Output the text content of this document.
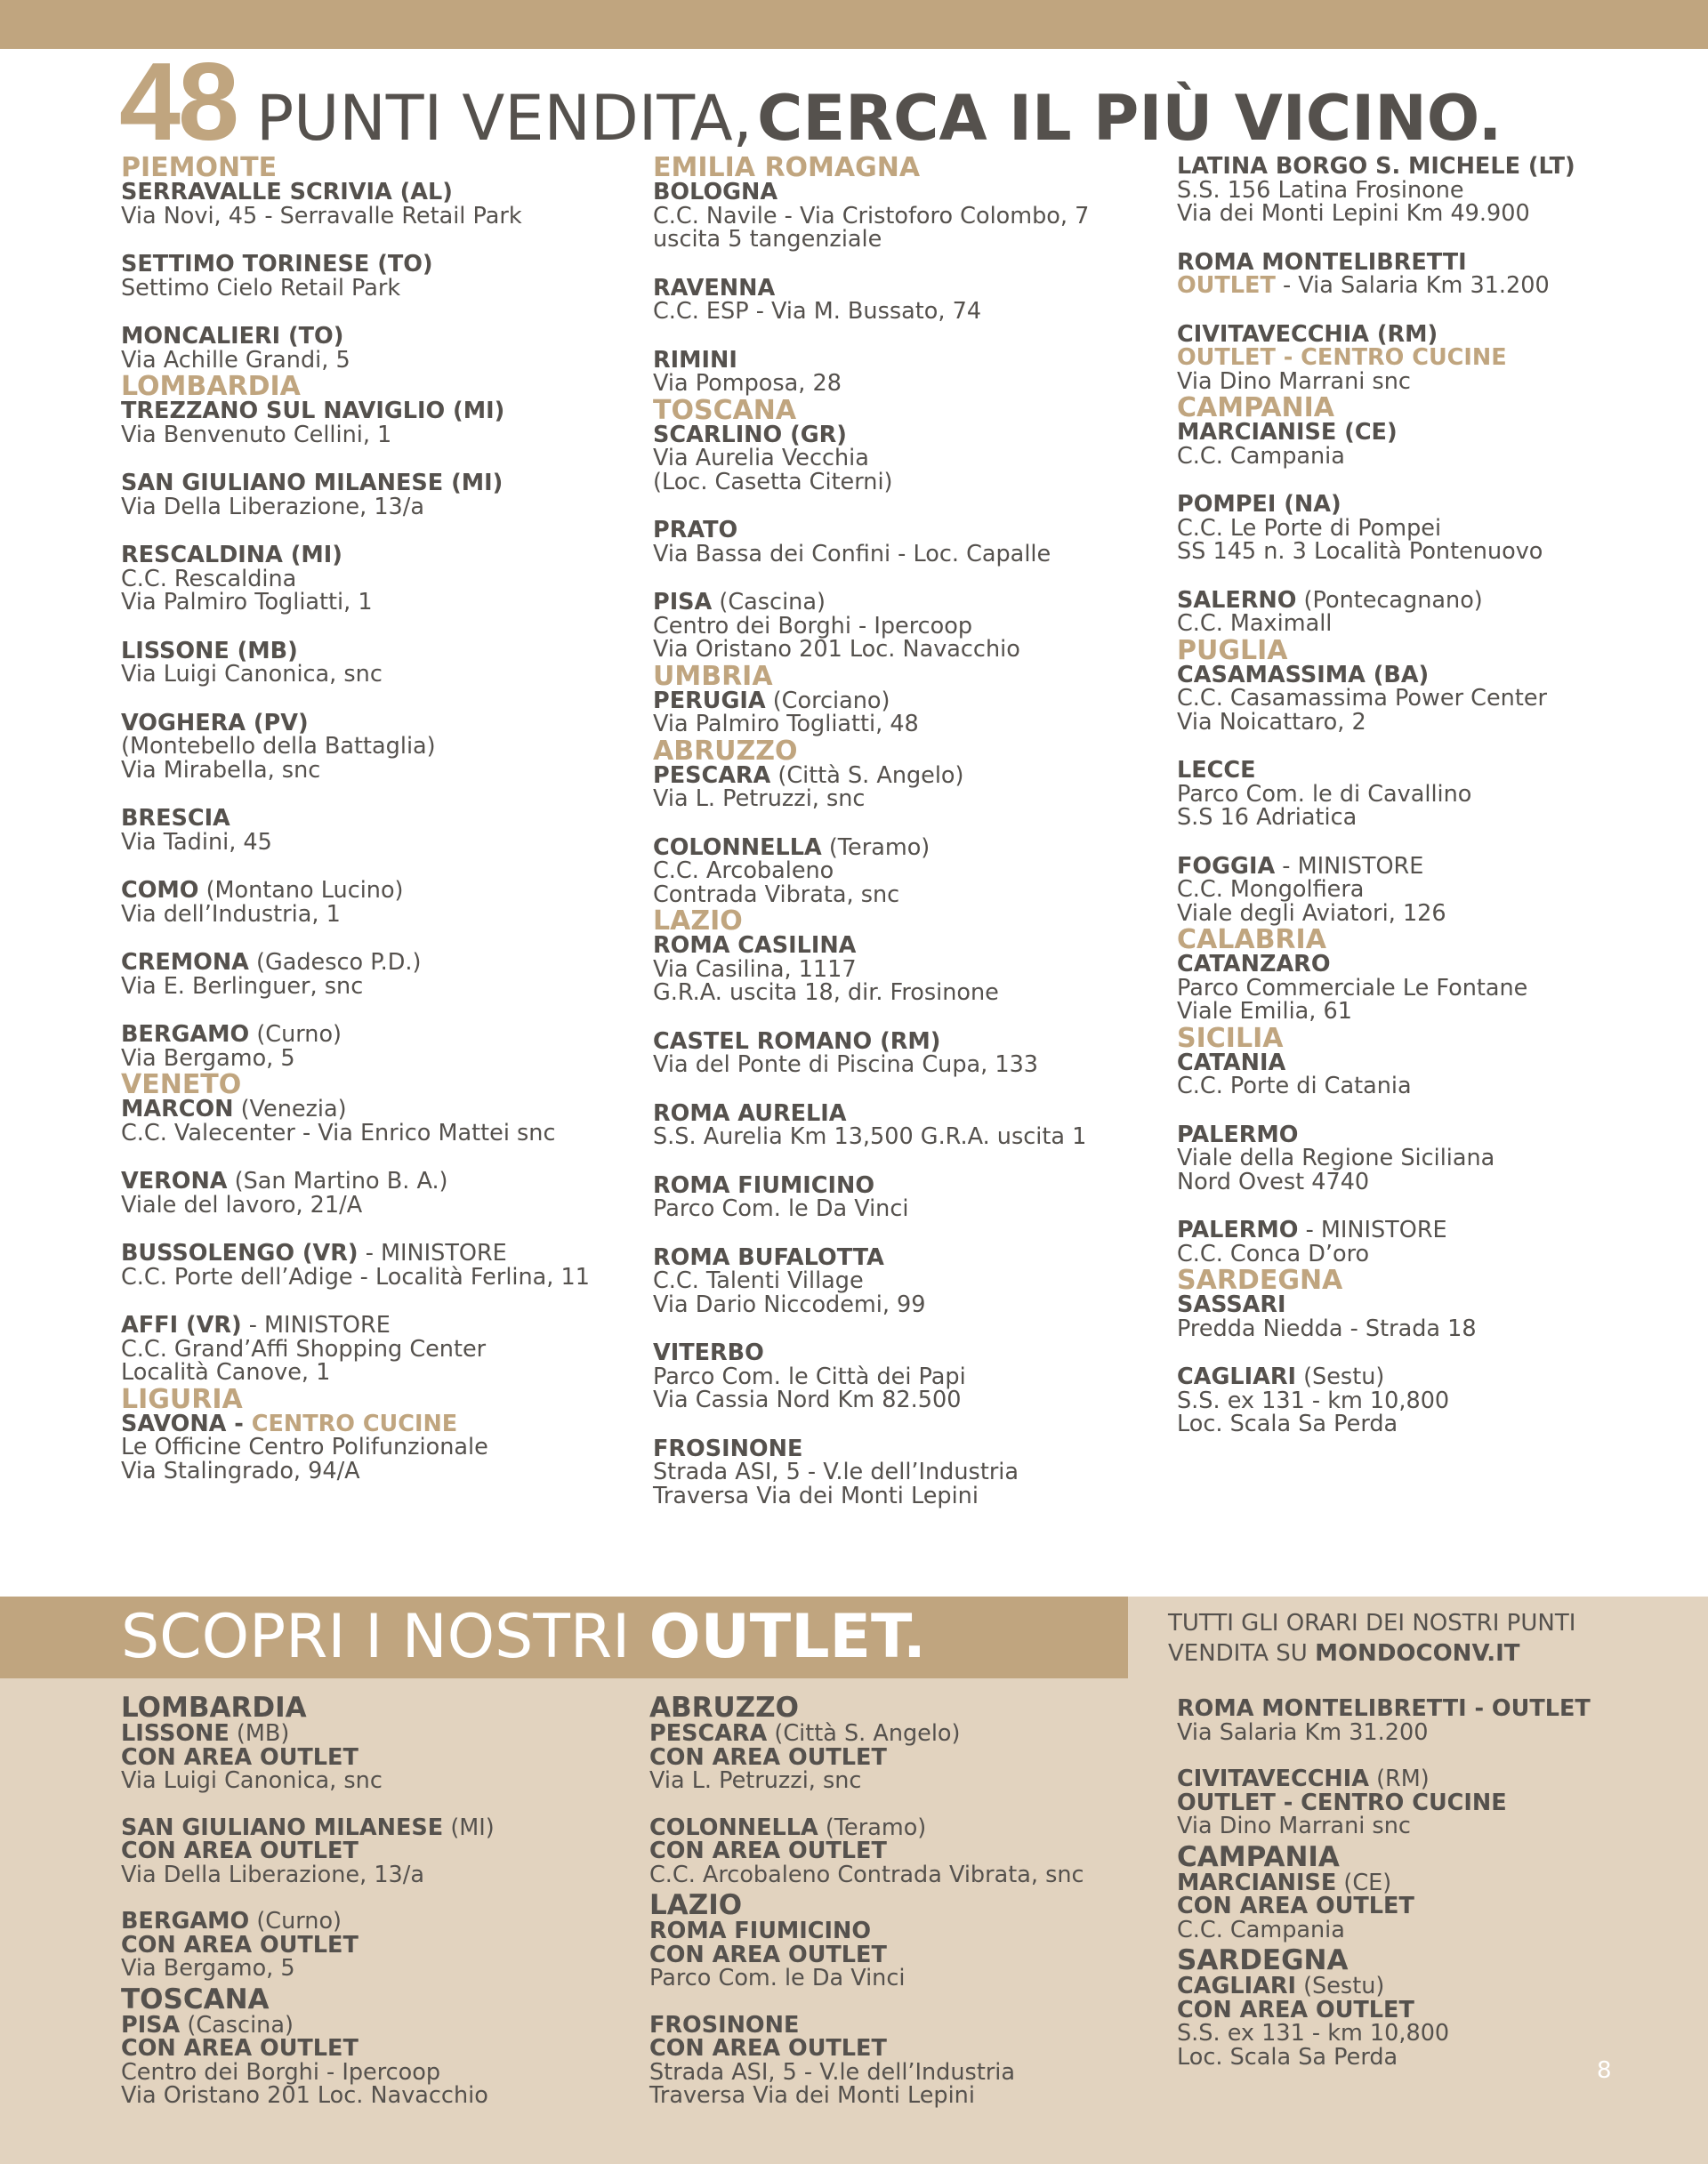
48 PUNTI VENDITA, CERCA IL PIÙ VICINO.
PIEMONTE
SERRAVALLE SCRIVIA (AL)
Via Novi, 45 - Serravalle Retail Park
SETTIMO TORINESE (TO)
Settimo Cielo Retail Park
MONCALIERI (TO)
Via Achille Grandi, 5
LOMBARDIA
TREZZANO SUL NAVIGLIO (MI)
Via Benvenuto Cellini, 1
SAN GIULIANO MILANESE (MI)
Via Della Liberazione, 13/a
RESCALDINA (MI)
C.C. Rescaldina
Via Palmiro Togliatti, 1
LISSONE (MB)
Via Luigi Canonica, snc
VOGHERA (PV)
(Montebello della Battaglia)
Via Mirabella, snc
BRESCIA
Via Tadini, 45
COMO (Montano Lucino)
Via dell’Industria, 1
CREMONA (Gadesco P.D.)
Via E. Berlinguer, snc
BERGAMO (Curno)
Via Bergamo, 5
VENETO
MARCON (Venezia)
C.C. Valecenter - Via Enrico Mattei snc
VERONA (San Martino B. A.)
Viale del lavoro, 21/A
BUSSOLENGO (VR) - MINISTORE
C.C. Porte dell’Adige - Località Ferlina, 11
AFFI (VR) - MINISTORE
C.C. Grand’Affi Shopping Center
Località Canove, 1
LIGURIA
SAVONA - CENTRO CUCINE
Le Officine Centro Polifunzionale
Via Stalingrado, 94/A
EMILIA ROMAGNA
BOLOGNA
C.C. Navile - Via Cristoforo Colombo, 7
uscita 5 tangenziale
RAVENNA
C.C. ESP - Via M. Bussato, 74
RIMINI
Via Pomposa, 28
TOSCANA
SCARLINO (GR)
Via Aurelia Vecchia
(Loc. Casetta Citerni)
PRATO
Via Bassa dei Confini - Loc. Capalle
PISA (Cascina)
Centro dei Borghi - Ipercoop
Via Oristano 201 Loc. Navacchio
UMBRIA
PERUGIA (Corciano)
Via Palmiro Togliatti, 48
ABRUZZO
PESCARA (Città S. Angelo)
Via L. Petruzzi, snc
COLONNELLA (Teramo)
C.C. Arcobaleno
Contrada Vibrata, snc
LAZIO
ROMA CASILINA
Via Casilina, 1117
G.R.A. uscita 18, dir. Frosinone
CASTEL ROMANO (RM)
Via del Ponte di Piscina Cupa, 133
ROMA AURELIA
S.S. Aurelia Km 13,500 G.R.A. uscita 1
ROMA FIUMICINO
Parco Com. le Da Vinci
ROMA BUFALOTTA
C.C. Talenti Village
Via Dario Niccodemi, 99
VITERBO
Parco Com. le Città dei Papi
Via Cassia Nord Km 82.500
FROSINONE
Strada ASI, 5 - V.le dell’Industria
Traversa Via dei Monti Lepini
LATINA BORGO S. MICHELE (LT)
S.S. 156 Latina Frosinone
Via dei Monti Lepini Km 49.900
ROMA MONTELIBRETTI
OUTLET - Via Salaria Km 31.200
CIVITAVECCHIA (RM)
OUTLET - CENTRO CUCINE
Via Dino Marrani snc
CAMPANIA
MARCIANISE (CE)
C.C. Campania
POMPEI (NA)
C.C. Le Porte di Pompei
SS 145 n. 3 Località Pontenuovo
SALERNO (Pontecagnano)
C.C. Maximall
PUGLIA
CASAMASSIMA (BA)
C.C. Casamassima Power Center
Via Noicattaro, 2
LECCE
Parco Com. le di Cavallino
S.S 16 Adriatica
FOGGIA - MINISTORE
C.C. Mongolfiera
Viale degli Aviatori, 126
CALABRIA
CATANZARO
Parco Commerciale Le Fontane
Viale Emilia, 61
SICILIA
CATANIA
C.C. Porte di Catania
PALERMO
Viale della Regione Siciliana
Nord Ovest 4740
PALERMO - MINISTORE
C.C. Conca D’oro
SARDEGNA
SASSARI
Predda Niedda - Strada 18
CAGLIARI (Sestu)
S.S. ex 131 - km 10,800
Loc. Scala Sa Perda
SCOPRI I NOSTRI OUTLET.	TUTTI GLI ORARI DEI NOSTRI PUNTI
VENDITA SU MONDOCONV.IT
LOMBARDIA
LISSONE (MB)
CON AREA OUTLET
Via Luigi Canonica, snc
SAN GIULIANO MILANESE (MI)
CON AREA OUTLET
Via Della Liberazione, 13/a
BERGAMO (Curno)
CON AREA OUTLET
Via Bergamo, 5
TOSCANA
PISA (Cascina)
CON AREA OUTLET
Centro dei Borghi - Ipercoop
Via Oristano 201 Loc. Navacchio
ABRUZZO
PESCARA (Città S. Angelo)
CON AREA OUTLET
Via L. Petruzzi, snc
COLONNELLA (Teramo)
CON AREA OUTLET
C.C. Arcobaleno Contrada Vibrata, snc
LAZIO
ROMA FIUMICINO
CON AREA OUTLET
Parco Com. le Da Vinci
FROSINONE
CON AREA OUTLET
Strada ASI, 5 - V.le dell’Industria
Traversa Via dei Monti Lepini
ROMA MONTELIBRETTI - OUTLET
Via Salaria Km 31.200
CIVITAVECCHIA (RM)
OUTLET - CENTRO CUCINE
Via Dino Marrani snc
CAMPANIA
MARCIANISE (CE)
CON AREA OUTLET
C.C. Campania
SARDEGNA
CAGLIARI (Sestu)
CON AREA OUTLET
S.S. ex 131 - km 10,800
Loc. Scala Sa Perda
8
